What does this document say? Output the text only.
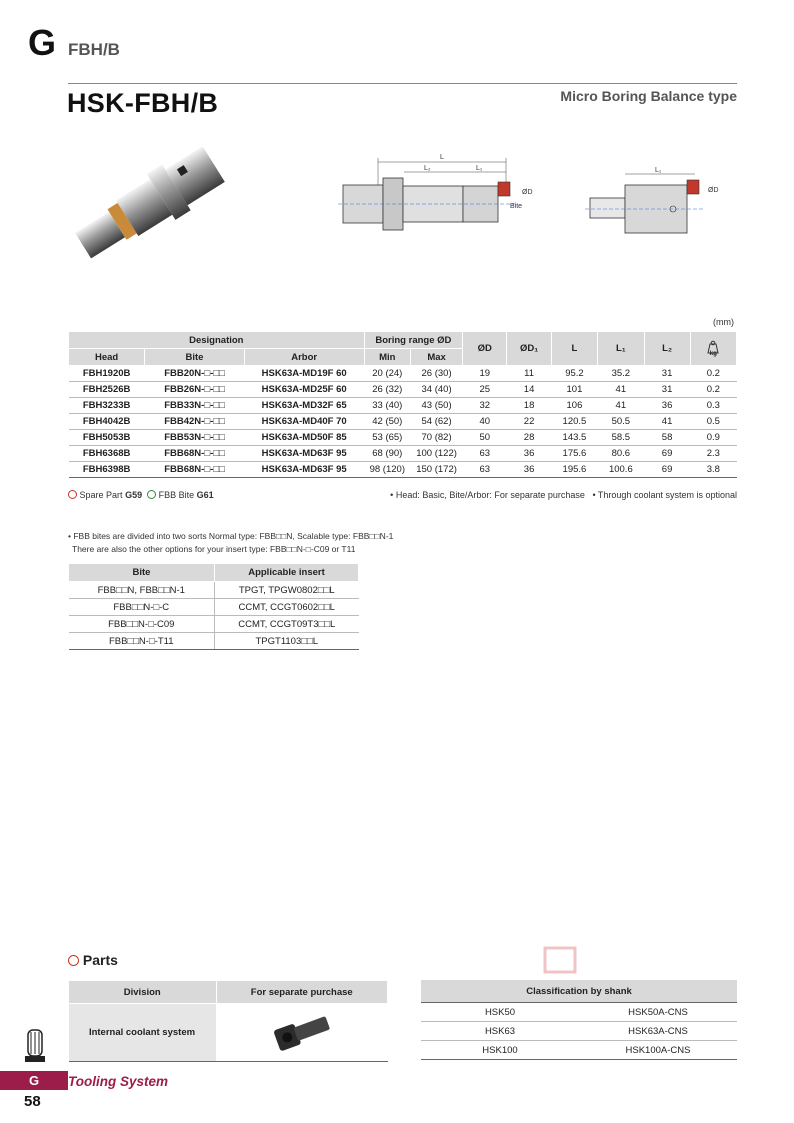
G FBH/B
HSK-FBH/B	Micro Boring Balance type
L
L₂	L₁
ØD
Bite
L₁
ØD
(mm)
Designation			Boring range ØD		ØD	ØD₁	L	L₁	L₂	kg

Head	Bite	Arbor	Min	Max						
FBH1920B	FBB20N-□-□□	HSK63A-MD19F 60	20 (24)	26 (30)	19	11	95.2	35.2	31	0.2
FBH2526B	FBB26N-□-□□	HSK63A-MD25F 60	26 (32)	34 (40)	25	14	101	41	31	0.2
FBH3233B	FBB33N-□-□□	HSK63A-MD32F 65	33 (40)	43 (50)	32	18	106	41	36	0.3
FBH4042B	FBB42N-□-□□	HSK63A-MD40F 70	42 (50)	54 (62)	40	22	120.5	50.5	41	0.5
FBH5053B	FBB53N-□-□□	HSK63A-MD50F 85	53 (65)	70 (82)	50	28	143.5	58.5	58	0.9
FBH6368B	FBB68N-□-□□	HSK63A-MD63F 95	68 (90)	100 (122)	63	36	175.6	80.6	69	2.3
FBH6398B	FBB68N-□-□□	HSK63A-MD63F 95	98 (120)	150 (172)	63	36	195.6	100.6	69	3.8
Spare Part G59 FBB Bite G61	• Head: Basic, Bite/Arbor: For separate purchase • Through coolant system is optional
• FBB bites are divided into two sorts Normal type: FBB□□N, Scalable type: FBB□□N-1
There are also the other options for your insert type: FBB□□N-□-C09 or T11
Bite	Applicable insert
FBB□□N, FBB□□N-1	TPGT, TPGW0802□□L
FBB□□N-□-C	CCMT, CCGT0602□□L
FBB□□N-□-C09	CCMT, CCGT09T3□□L
FBB□□N-□-T11	TPGT1103□□L
Parts
Division	For separate purchase
Internal coolant system	
Classification by shank	
HSK50	HSK50A-CNS
HSK63	HSK63A-CNS
HSK100	HSK100A-CNS
G	Tooling System
58
